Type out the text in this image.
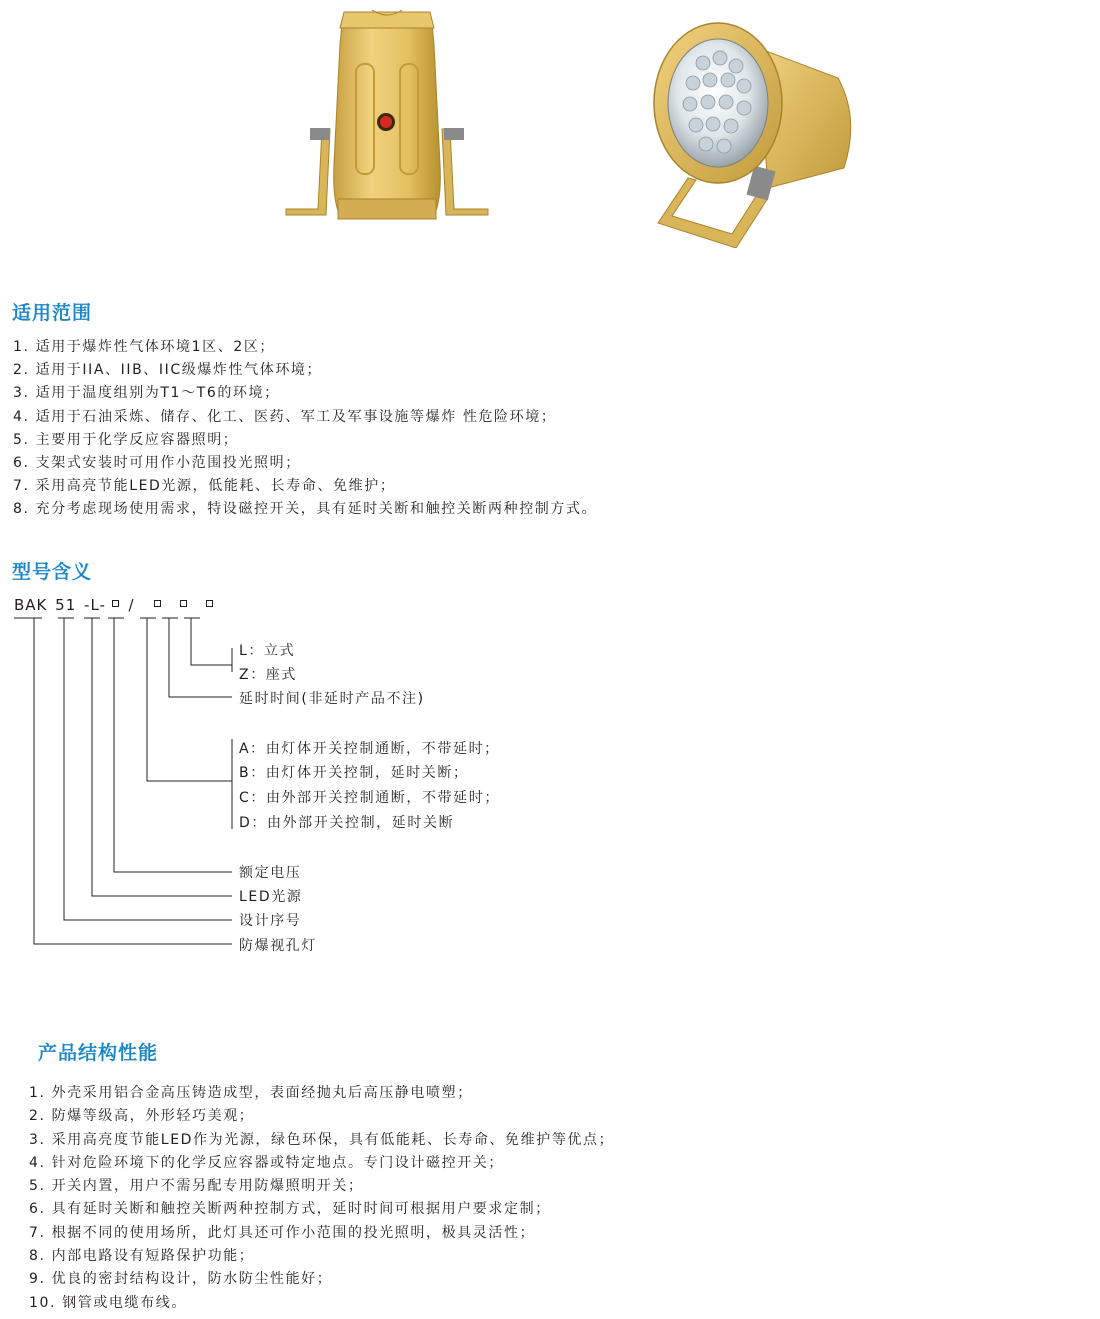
适用范围
1. 适用于爆炸性气体环境1区、2区；
2. 适用于IIA、IIB、IIC级爆炸性气体环境；
3. 适用于温度组别为T1～T6的环境；
4. 适用于石油采炼、储存、化工、医药、军工及军事设施等爆炸 性危险环境；
5. 主要用于化学反应容器照明；
6. 支架式安装时可用作小范围投光照明；
7. 采用高亮节能LED光源，低能耗、长寿命、免维护；
8. 充分考虑现场使用需求，特设磁控开关，具有延时关断和触控关断两种控制方式。
型号含义
BAK 51 -L- /
L：立式
Z：座式
延时时间(非延时产品不注)
A：由灯体开关控制通断，不带延时；
B：由灯体开关控制，延时关断；
C：由外部开关控制通断，不带延时；
D：由外部开关控制，延时关断
额定电压
LED光源
设计序号
防爆视孔灯
产品结构性能
1. 外壳采用铝合金高压铸造成型，表面经抛丸后高压静电喷塑；
2. 防爆等级高，外形轻巧美观；
3. 采用高亮度节能LED作为光源，绿色环保，具有低能耗、长寿命、免维护等优点；
4. 针对危险环境下的化学反应容器或特定地点。专门设计磁控开关；
5. 开关内置，用户不需另配专用防爆照明开关；
6. 具有延时关断和触控关断两种控制方式，延时时间可根据用户要求定制；
7. 根据不同的使用场所，此灯具还可作小范围的投光照明，极具灵活性；
8. 内部电路设有短路保护功能；
9. 优良的密封结构设计，防水防尘性能好；
10. 钢管或电缆布线。
